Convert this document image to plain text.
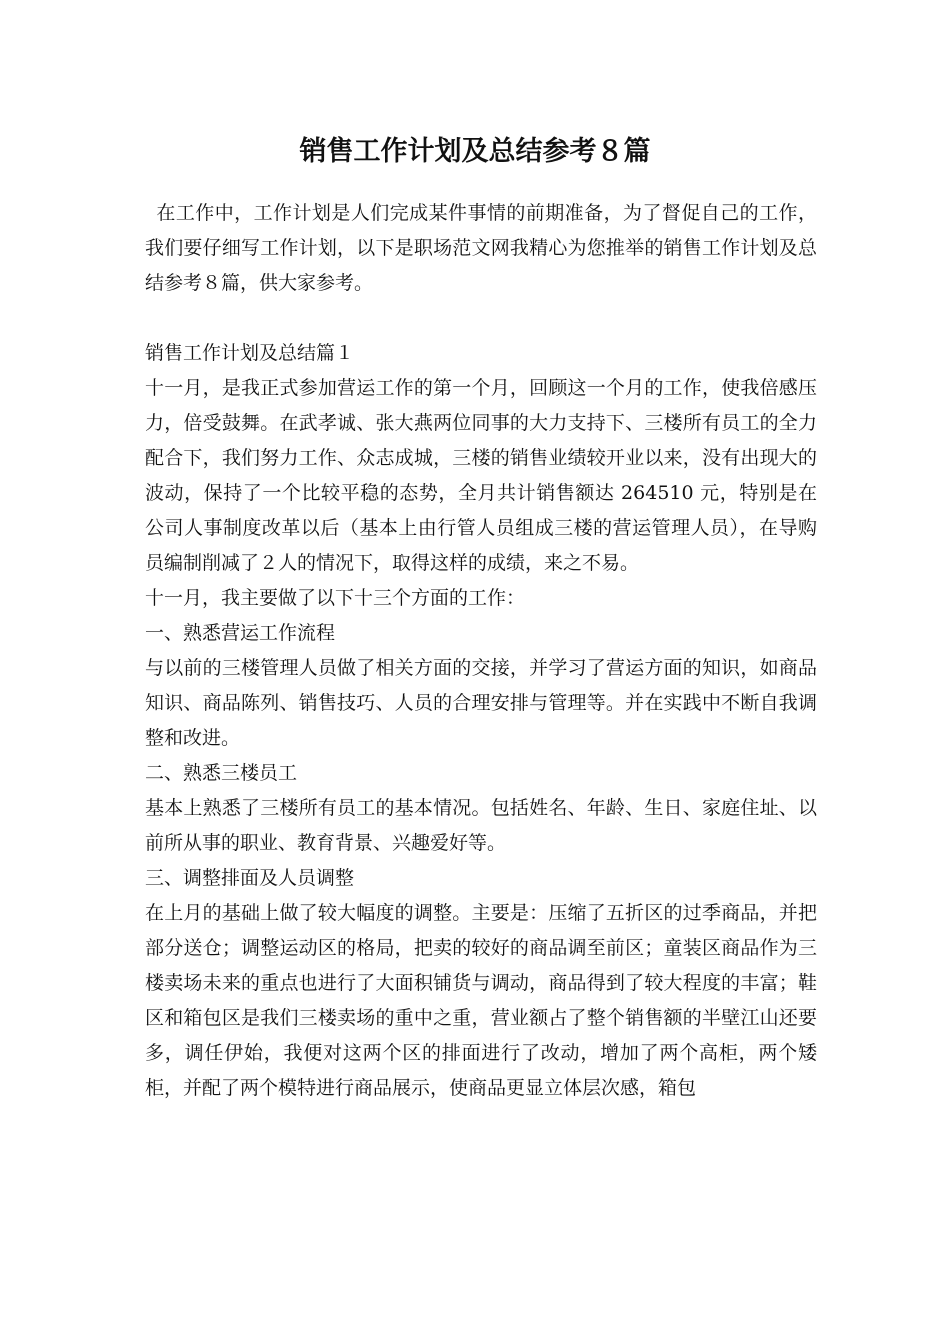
销售工作计划及总结参考８篇

在工作中，工作计划是人们完成某件事情的前期准备，为了督促自己的工作，我们要仔细写工作计划，以下是职场范文网我精心为您推举的销售工作计划及总结参考８篇，供大家参考。

销售工作计划及总结篇１

十一月，是我正式参加营运工作的第一个月，回顾这一个月的工作，使我倍感压力，倍受鼓舞。在武孝诚、张大燕两位同事的大力支持下、三楼所有员工的全力配合下，我们努力工作、众志成城，三楼的销售业绩较开业以来，没有出现大的波动，保持了一个比较平稳的态势，全月共计销售额达 264510 元，特别是在公司人事制度改革以后（基本上由行管人员组成三楼的营运管理人员），在导购员编制削减了２人的情况下，取得这样的成绩，来之不易。

十一月，我主要做了以下十三个方面的工作：

一、熟悉营运工作流程

与以前的三楼管理人员做了相关方面的交接，并学习了营运方面的知识，如商品知识、商品陈列、销售技巧、人员的合理安排与管理等。并在实践中不断自我调整和改进。

二、熟悉三楼员工

基本上熟悉了三楼所有员工的基本情况。包括姓名、年龄、生日、家庭住址、以前所从事的职业、教育背景、兴趣爱好等。

三、调整排面及人员调整

在上月的基础上做了较大幅度的调整。主要是：压缩了五折区的过季商品，并把部分送仓；调整运动区的格局，把卖的较好的商品调至前区；童装区商品作为三楼卖场未来的重点也进行了大面积铺货与调动，商品得到了较大程度的丰富；鞋区和箱包区是我们三楼卖场的重中之重，营业额占了整个销售额的半壁江山还要多，调任伊始，我便对这两个区的排面进行了改动，增加了两个高柜，两个矮柜，并配了两个模特进行商品展示，使商品更显立体层次感，箱包
